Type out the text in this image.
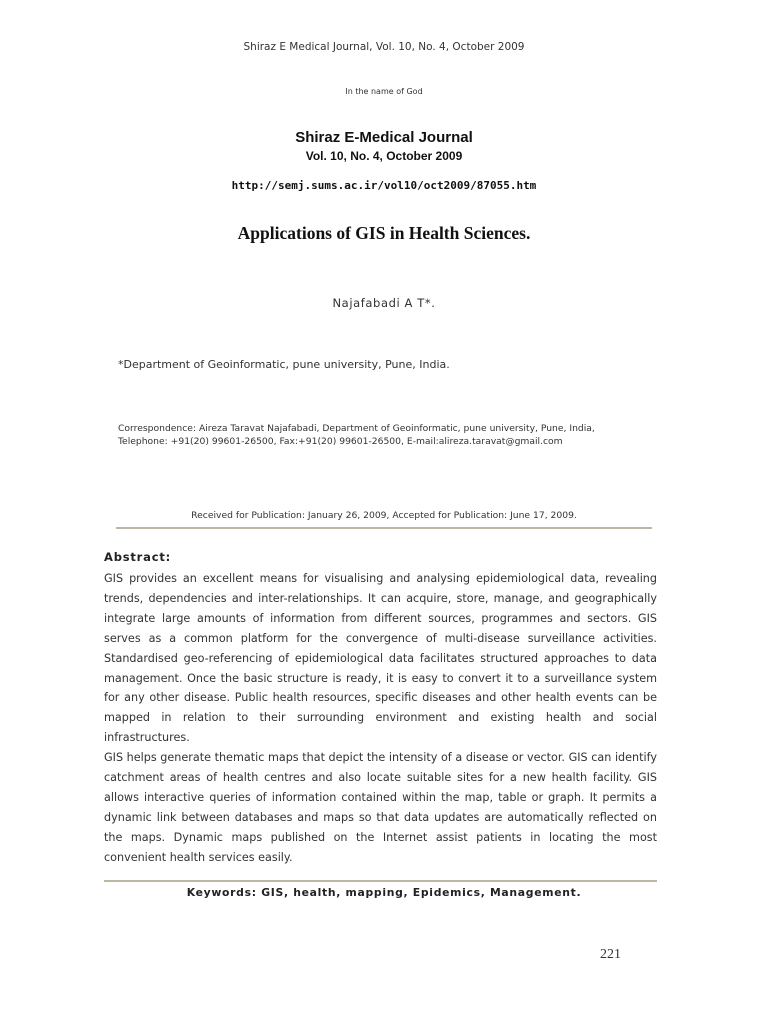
Shiraz E Medical Journal, Vol. 10, No. 4, October 2009
In the name of God
Shiraz E-Medical Journal
Vol. 10, No. 4, October 2009
http://semj.sums.ac.ir/vol10/oct2009/87055.htm
Applications of GIS in Health Sciences.
Najafabadi A T*.
*Department of Geoinformatic, pune university, Pune, India.
Correspondence: Aireza Taravat Najafabadi, Department of Geoinformatic, pune university, Pune, India, Telephone: +91(20) 99601-26500, Fax:+91(20) 99601-26500, E-mail:alireza.taravat@gmail.com
Received for Publication: January 26, 2009, Accepted for Publication: June 17, 2009.
Abstract:

GIS provides an excellent means for visualising and analysing epidemiological data, revealing trends, dependencies and inter-relationships. It can acquire, store, manage, and geographically integrate large amounts of information from different sources, programmes and sectors. GIS serves as a common platform for the convergence of multi-disease surveillance activities. Standardised geo-referencing of epidemiological data facilitates structured approaches to data management. Once the basic structure is ready, it is easy to convert it to a surveillance system for any other disease. Public health resources, specific diseases and other health events can be mapped in relation to their surrounding environment and existing health and social infrastructures.

GIS helps generate thematic maps that depict the intensity of a disease or vector. GIS can identify catchment areas of health centres and also locate suitable sites for a new health facility. GIS allows interactive queries of information contained within the map, table or graph. It permits a dynamic link between databases and maps so that data updates are automatically reflected on the maps. Dynamic maps published on the Internet assist patients in locating the most convenient health services easily.

Keywords: GIS, health, mapping, Epidemics, Management.
221
